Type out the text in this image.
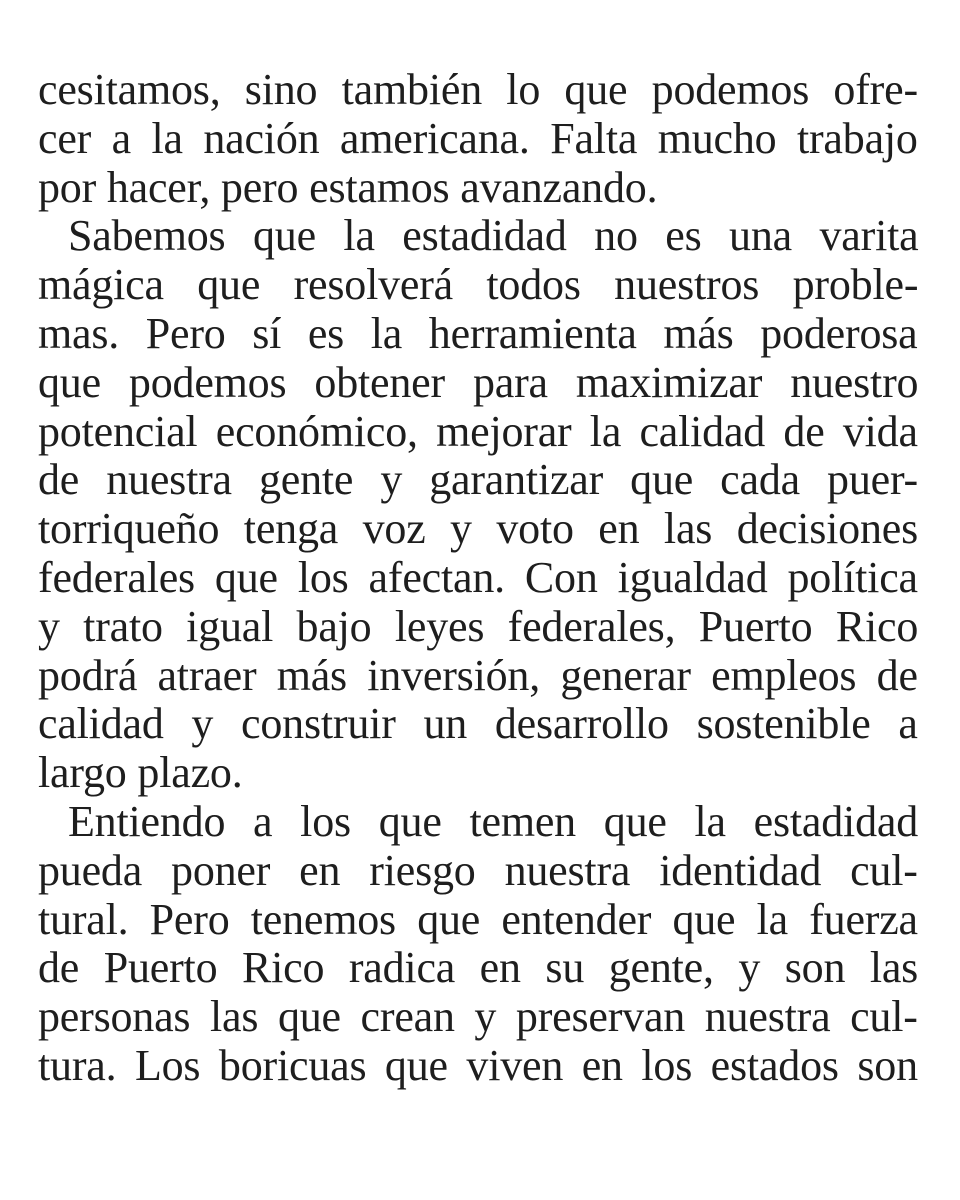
cesitamos, sino también lo que podemos ofre-
cer a la nación americana. Falta mucho trabajo
por hacer, pero estamos avanzando.
Sabemos que la estadidad no es una varita
mágica que resolverá todos nuestros proble-
mas. Pero sí es la herramienta más poderosa
que podemos obtener para maximizar nuestro
potencial económico, mejorar la calidad de vida
de nuestra gente y garantizar que cada puer-
torriqueño tenga voz y voto en las decisiones
federales que los afectan. Con igualdad política
y trato igual bajo leyes federales, Puerto Rico
podrá atraer más inversión, generar empleos de
calidad y construir un desarrollo sostenible a
largo plazo.
Entiendo a los que temen que la estadidad
pueda poner en riesgo nuestra identidad cul-
tural. Pero tenemos que entender que la fuerza
de Puerto Rico radica en su gente, y son las
personas las que crean y preservan nuestra cul-
tura. Los boricuas que viven en los estados son
